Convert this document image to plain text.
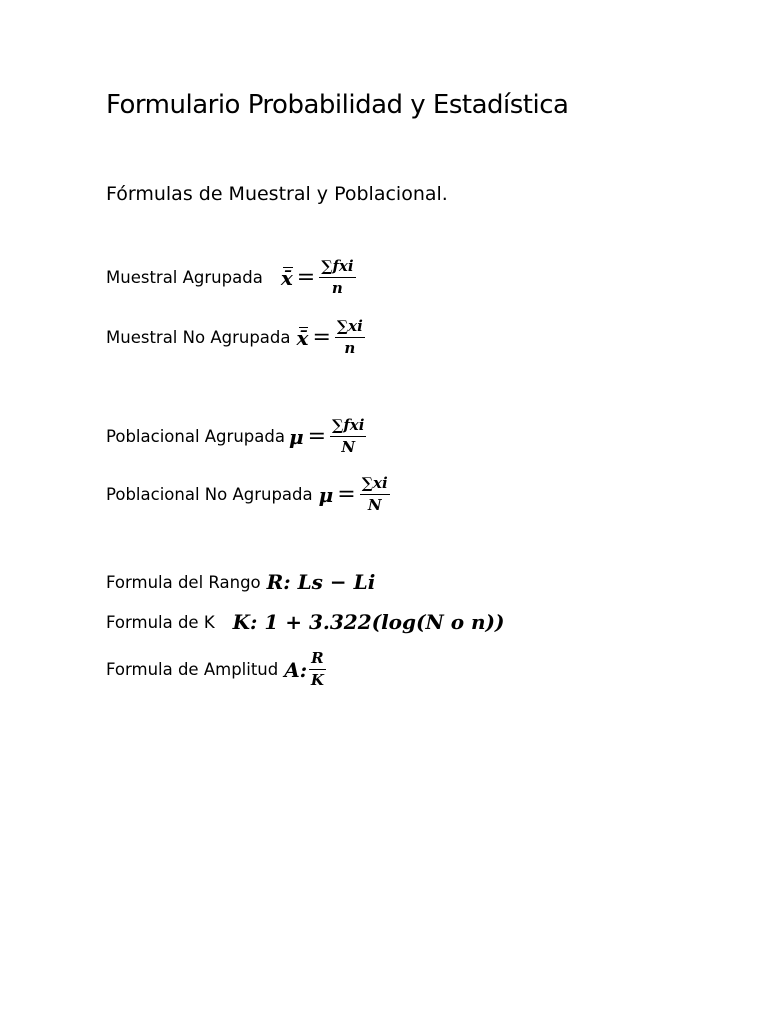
Formulario Probabilidad y Estadística
Fórmulas de Muestral y Poblacional.
Muestral Agrupada x̄ = $\frac{\text{∑fxi}}{n}$
Muestral No Agrupada x̄ = $\frac{\sum xi}{n}$
Poblacional Agrupada $\mu = \frac{\text{∑fxi}}{N}$
Poblacional No Agrupada $\mu = \frac{\sum xi}{N}$
Formula del Rango R: Ls − Li
Formula de K K: 1 + 3.322(log(N o n))
Formula de Amplitud A: $\frac{R}{K}$
